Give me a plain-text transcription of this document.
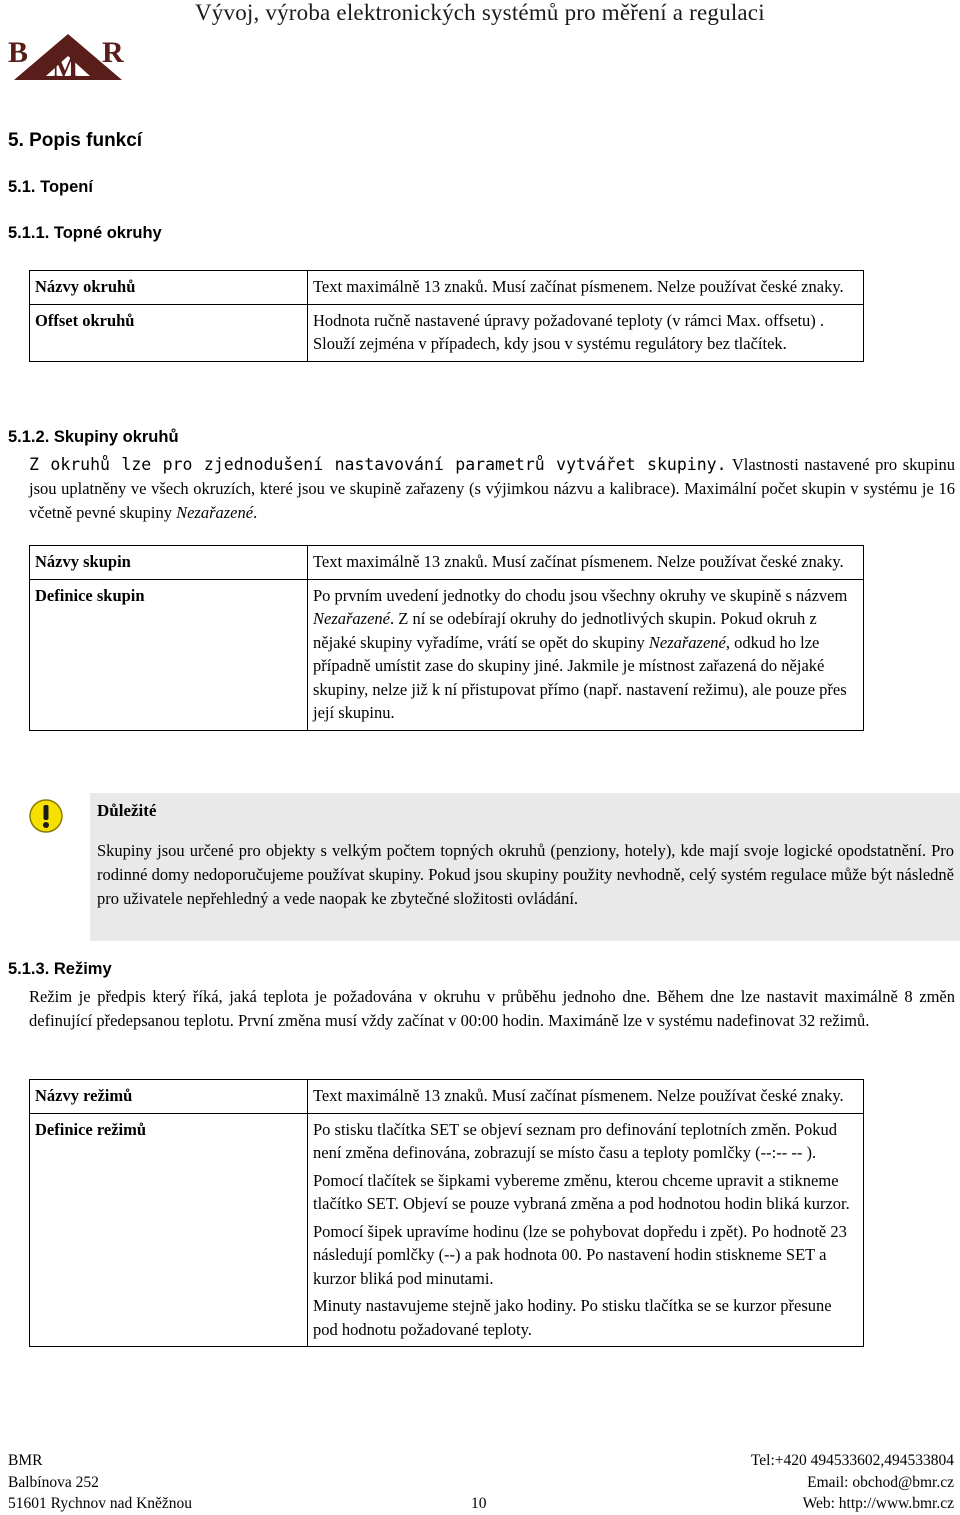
Vývoj, výroba elektronických systémů pro měření a regulaci
B M R
5. Popis funkcí
5.1. Topení
5.1.1. Topné okruhy
Názvy okruhů	Text maximálně 13 znaků. Musí začínat písmenem. Nelze používat české znaky.
Offset okruhů	Hodnota ručně nastavené úpravy požadované teploty (v rámci Max. offsetu) . Slouží zejména v případech, kdy jsou v systému regulátory bez tlačítek.
5.1.2. Skupiny okruhů
Z okruhů lze pro zjednodušení nastavování parametrů vytvářet skupiny. Vlastnosti nastavené pro skupinu jsou uplatněny ve všech okruzích, které jsou ve skupině zařazeny (s výjimkou názvu a kalibrace). Maximální počet skupin v systému je 16 včetně pevné skupiny Nezařazené.
Názvy skupin	Text maximálně 13 znaků. Musí začínat písmenem. Nelze používat české znaky.
Definice skupin	Po prvním uvedení jednotky do chodu jsou všechny okruhy ve skupině s názvem Nezařazené. Z ní se odebírají okruhy do jednotlivých skupin. Pokud okruh z nějaké skupiny vyřadíme, vrátí se opět do skupiny Nezařazené, odkud ho lze případně umístit zase do skupiny jiné. Jakmile je místnost zařazená do nějaké skupiny, nelze již k ní přistupovat přímo (např. nastavení režimu), ale pouze přes její skupinu.
Důležité
Skupiny jsou určené pro objekty s velkým počtem topných okruhů (penziony, hotely), kde mají svoje logické opodstatnění. Pro rodinné domy nedoporučujeme používat skupiny. Pokud jsou skupiny použity nevhodně, celý systém regulace může být následně pro uživatele nepřehledný a vede naopak ke zbytečné složitosti ovládání.
5.1.3. Režimy
Režim je předpis který říká, jaká teplota je požadována v okruhu v průběhu jednoho dne. Během dne lze nastavit maximálně 8 změn definující předepsanou teplotu. První změna musí vždy začínat v 00:00 hodin. Maximáně lze v systému nadefinovat 32 režimů.
Názvy režimů	Text maximálně 13 znaků. Musí začínat písmenem. Nelze používat české znaky.
Definice režimů	Po stisku tlačítka SET se objeví seznam pro definování teplotních změn. Pokud není změna definována, zobrazují se místo času a teploty pomlčky (--:-- -- ).

Pomocí tlačítek se šipkami vybereme změnu, kterou chceme upravit a stikneme tlačítko SET. Objeví se pouze vybraná změna a pod hodnotou hodin bliká kurzor.

Pomocí šipek upravíme hodinu (lze se pohybovat dopředu i zpět). Po hodnotě 23 následují pomlčky (--) a pak hodnota 00. Po nastavení hodin stiskneme SET a kurzor bliká pod minutami.

Minuty nastavujeme stejně jako hodiny. Po stisku tlačítka se se kurzor přesune pod hodnotu požadované teploty.

BMR
Balbínova 252
51601 Rychnov nad Kněžnou	10
Tel:+420 494533602,494533804
Email: obchod@bmr.cz
Web: http://www.bmr.cz
